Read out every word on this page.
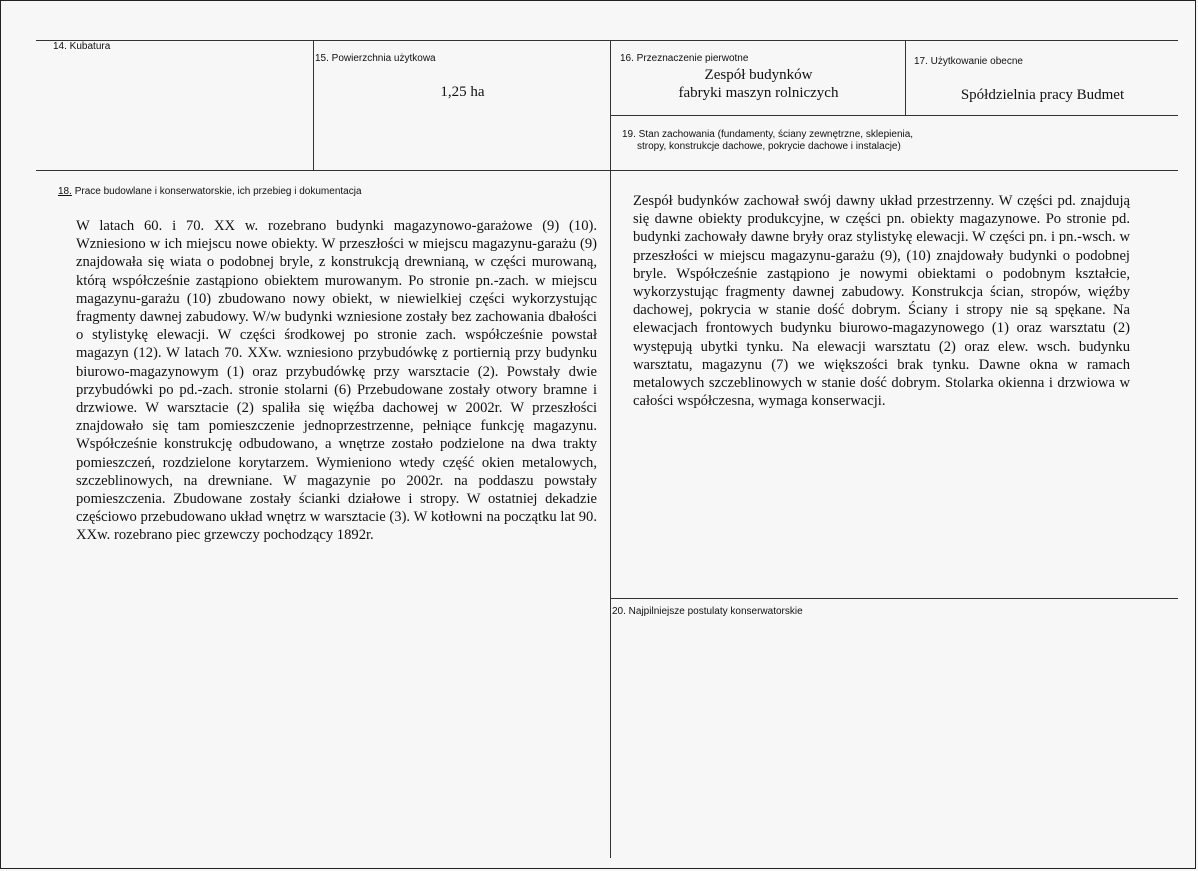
14. Kubatura
15. Powierzchnia użytkowa
1,25 ha
16. Przeznaczenie pierwotne
Zespół budynków
fabryki maszyn rolniczych
17. Użytkowanie obecne
Spółdzielnia pracy Budmet
19. Stan zachowania (fundamenty, ściany zewnętrzne, sklepienia,
stropy, konstrukcje dachowe, pokrycie dachowe i instalacje)
18. Prace budowlane i konserwatorskie, ich przebieg i dokumentacja
W latach 60. i 70. XX w. rozebrano budynki magazynowo-garażowe (9) (10). Wzniesiono w ich miejscu nowe obiekty. W przeszłości w miejscu magazynu-garażu (9) znajdowała się wiata o podobnej bryle, z konstrukcją drewnianą, w części murowaną, którą współcześnie zastąpiono obiektem murowanym. Po stronie pn.-zach. w miejscu magazynu-garażu (10) zbudowano nowy obiekt, w niewielkiej części wykorzystując fragmenty dawnej zabudowy. W/w budynki wzniesione zostały bez zachowania dbałości o stylistykę elewacji. W części środkowej po stronie zach. współcześnie powstał magazyn (12). W latach 70. XXw. wzniesiono przybudówkę z portiernią przy budynku biurowo-magazynowym (1) oraz przybudówkę przy warsztacie (2). Powstały dwie przybudówki po pd.-zach. stronie stolarni (6) Przebudowane zostały otwory bramne i drzwiowe. W warsztacie (2) spaliła się więźba dachowej w 2002r. W przeszłości znajdowało się tam pomieszczenie jednoprzestrzenne, pełniące funkcję magazynu. Współcześnie konstrukcję odbudowano, a wnętrze zostało podzielone na dwa trakty pomieszczeń, rozdzielone korytarzem. Wymieniono wtedy część okien metalowych, szczeblinowych, na drewniane. W magazynie po 2002r. na poddaszu powstały pomieszczenia. Zbudowane zostały ścianki działowe i stropy. W ostatniej dekadzie częściowo przebudowano układ wnętrz w warsztacie (3). W kotłowni na początku lat 90. XXw. rozebrano piec grzewczy pochodzący 1892r.
Zespół budynków zachował swój dawny układ przestrzenny. W części pd. znajdują się dawne obiekty produkcyjne, w części pn. obiekty magazynowe. Po stronie pd. budynki zachowały dawne bryły oraz stylistykę elewacji. W części pn. i pn.-wsch. w przeszłości w miejscu magazynu-garażu (9), (10) znajdowały budynki o podobnej bryle. Współcześnie zastąpiono je nowymi obiektami o podobnym kształcie, wykorzystując fragmenty dawnej zabudowy. Konstrukcja ścian, stropów, więźby dachowej, pokrycia w stanie dość dobrym. Ściany i stropy nie są spękane. Na elewacjach frontowych budynku biurowo-magazynowego (1) oraz warsztatu (2) występują ubytki tynku. Na elewacji warsztatu (2) oraz elew. wsch. budynku warsztatu, magazynu (7) we większości brak tynku. Dawne okna w ramach metalowych szczeblinowych w stanie dość dobrym. Stolarka okienna i drzwiowa w całości współczesna, wymaga konserwacji.
20. Najpilniejsze postulaty konserwatorskie
